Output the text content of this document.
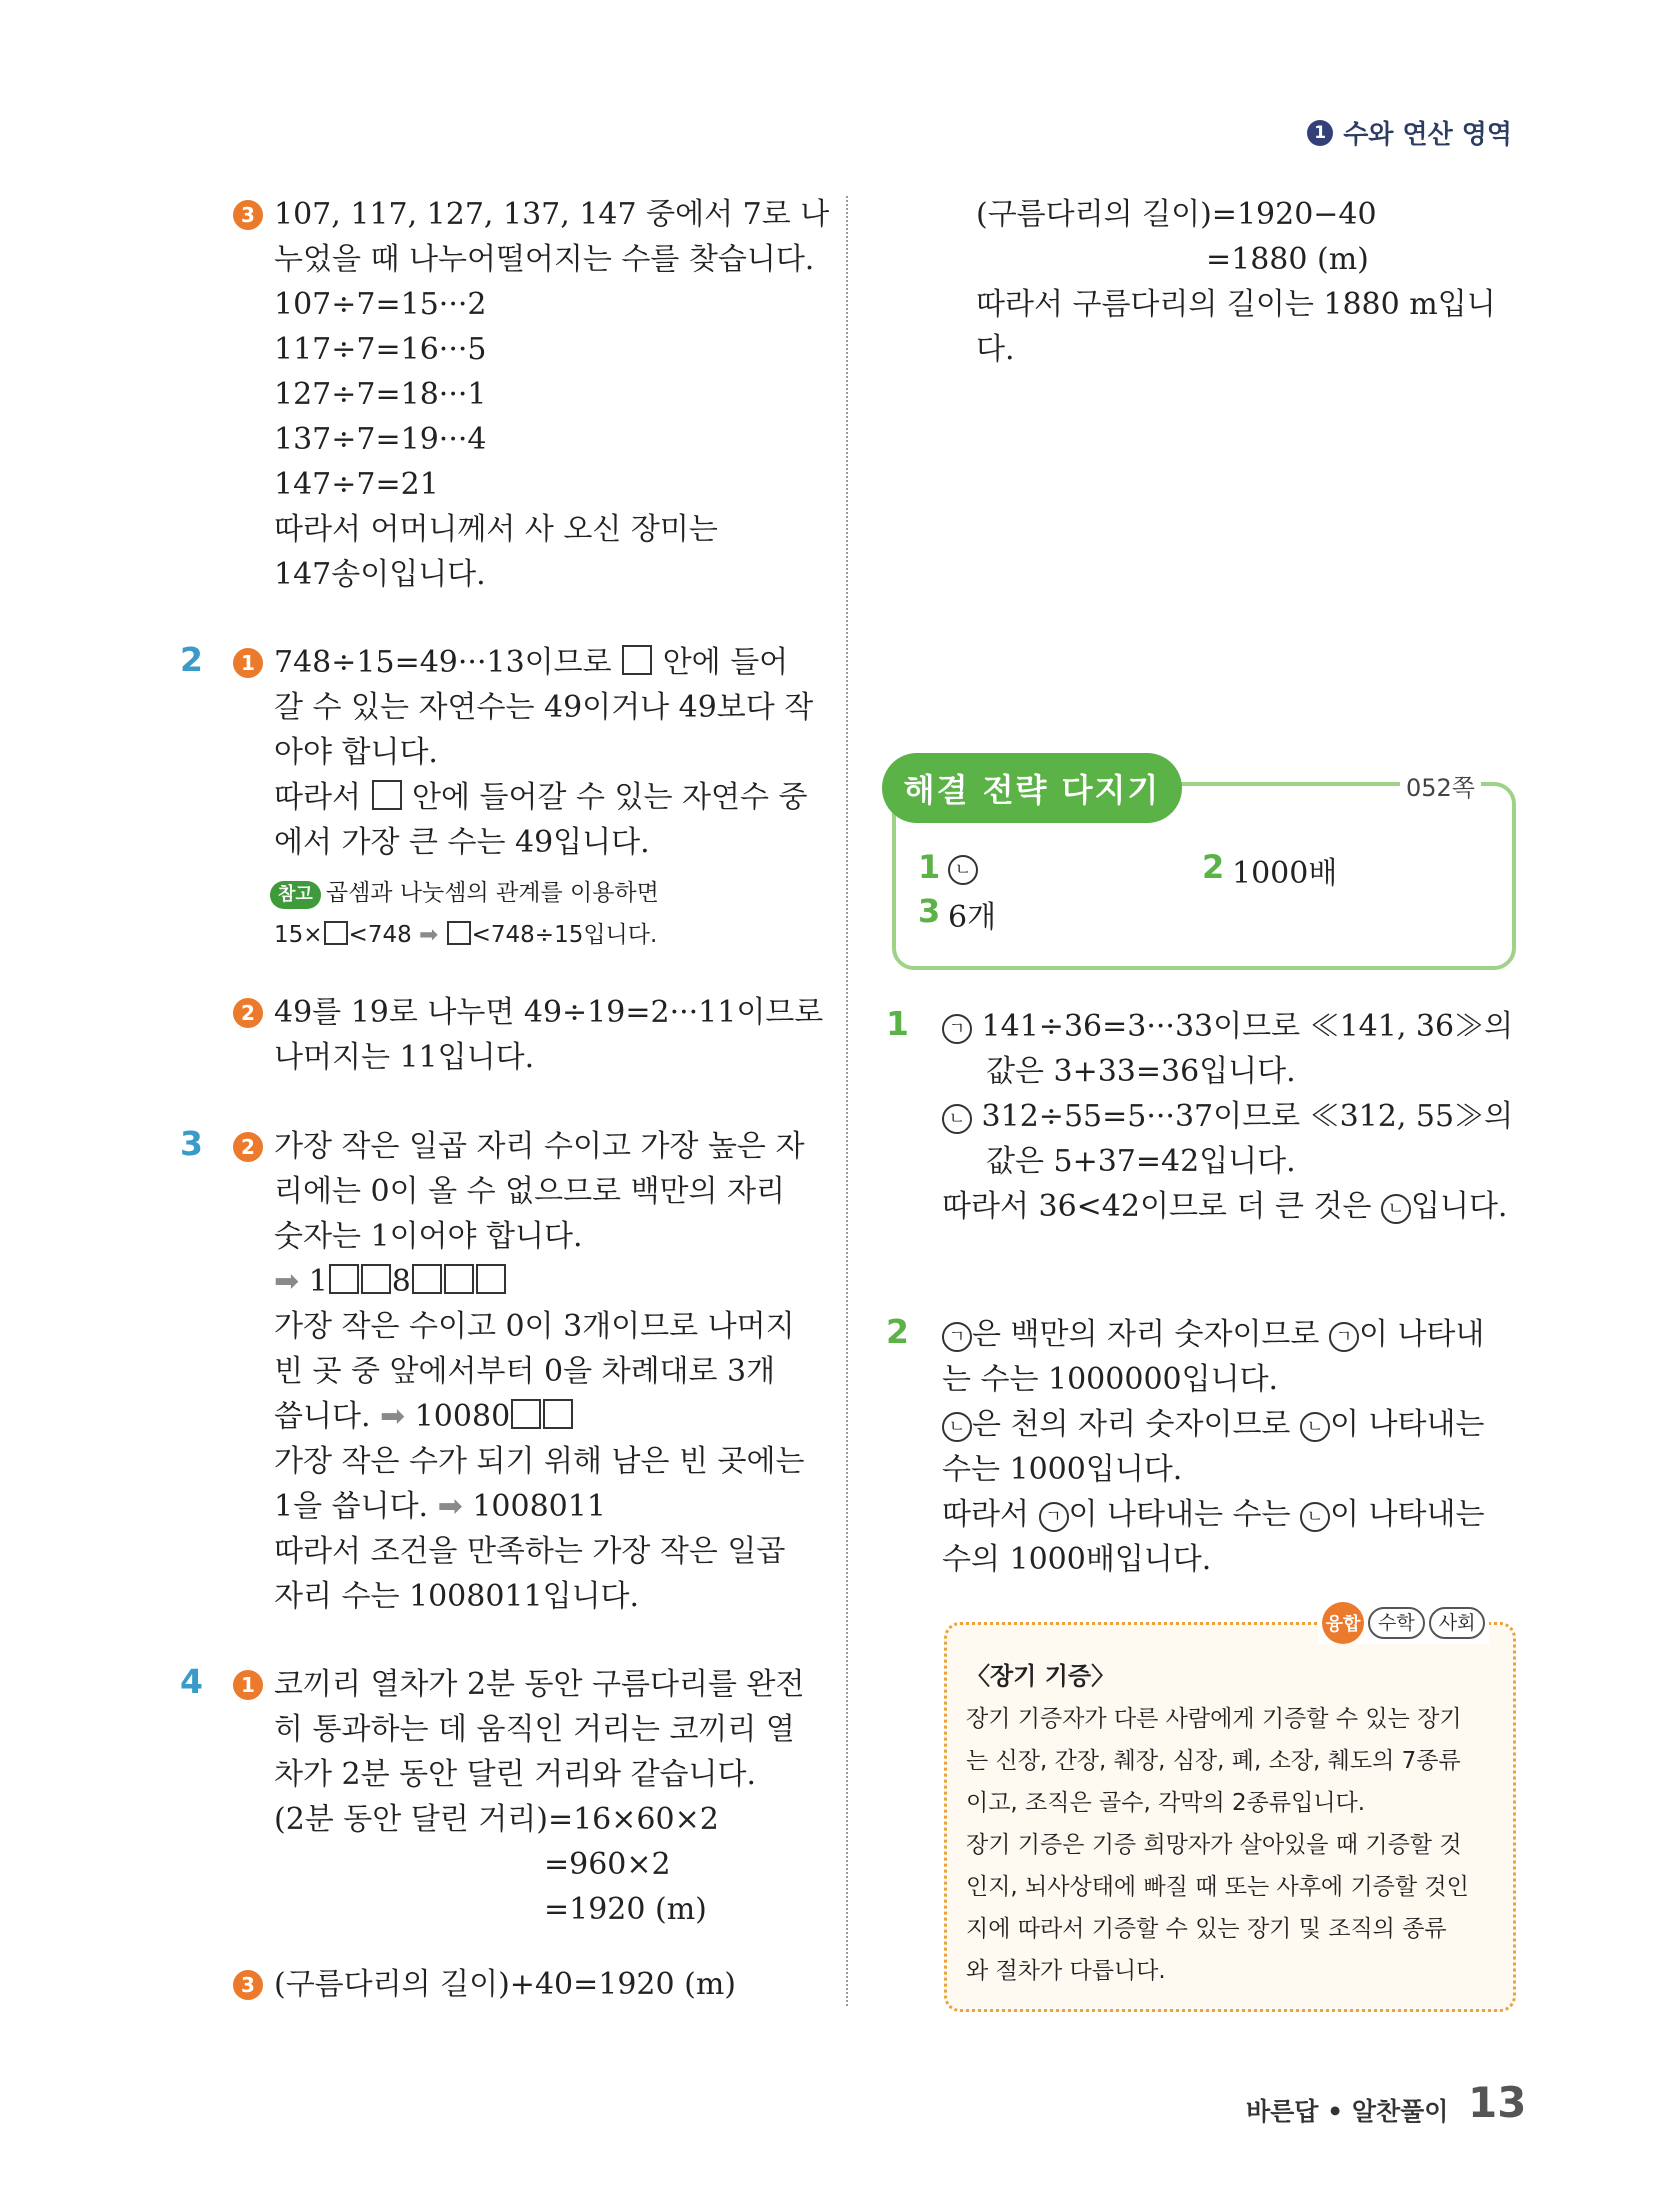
1 수와 연산 영역
3 107, 117, 127, 137, 147 중에서 7로 나

누었을 때 나누어떨어지는 수를 찾습니다.

107÷7=15···2

117÷7=16···5

127÷7=18···1

137÷7=19···4

147÷7=21

따라서 어머니께서 사 오신 장미는

147송이입니다.

2	1 748÷15=49···13이므로 안에 들어

갈 수 있는 자연수는 49이거나 49보다 작

아야 합니다.

따라서 안에 들어갈 수 있는 자연수 중

에서 가장 큰 수는 49입니다.

참고 곱셈과 나눗셈의 관계를 이용하면
15× <748 ➡ <748÷15입니다.
2 49를 19로 나누면 49÷19=2···11이므로

나머지는 11입니다.

3	2 가장 작은 일곱 자리 수이고 가장 높은 자

리에는 0이 올 수 없으므로 백만의 자리

숫자는 1이어야 합니다.

➡ 1 8

가장 작은 수이고 0이 3개이므로 나머지

빈 곳 중 앞에서부터 0을 차례대로 3개

씁니다. ➡ 10080

가장 작은 수가 되기 위해 남은 빈 곳에는

1을 씁니다. ➡ 1008011

따라서 조건을 만족하는 가장 작은 일곱

자리 수는 1008011입니다.

4	1 코끼리 열차가 2분 동안 구름다리를 완전

히 통과하는 데 움직인 거리는 코끼리 열

차가 2분 동안 달린 거리와 같습니다.

(2분 동안 달린 거리)=16×60×2

=960×2

=1920 (m)

3 (구름다리의 길이)+40=1920 (m)

(구름다리의 길이)=1920−40

=1880 (m)

따라서 구름다리의 길이는 1880 m입니

다.

해결 전략 다지기	052쪽
1 ㄴ	2 1000배
3 6개
1	ㄱ 141÷36=3···33이므로 ≪141, 36≫의

값은 3+33=36입니다.

ㄴ 312÷55=5···37이므로 ≪312, 55≫의

값은 5+37=42입니다.

따라서 36<42이므로 더 큰 것은 ㄴ 입니다.

2	ㄱ 은 백만의 자리 숫자이므로 ㄱ 이 나타내

는 수는 1000000입니다.

ㄴ 은 천의 자리 숫자이므로 ㄴ 이 나타내는

수는 1000입니다.

따라서 ㄱ 이 나타내는 수는 ㄴ 이 나타내는

수의 1000배입니다.

융합 수학	사회
〈장기 기증〉
장기 기증자가 다른 사람에게 기증할 수 있는 장기
는 신장, 간장, 췌장, 심장, 폐, 소장, 췌도의 7종류
이고, 조직은 골수, 각막의 2종류입니다.
장기 기증은 기증 희망자가 살아있을 때 기증할 것
인지, 뇌사상태에 빠질 때 또는 사후에 기증할 것인
지에 따라서 기증할 수 있는 장기 및 조직의 종류
와 절차가 다릅니다.
바른답 • 알찬풀이 13
